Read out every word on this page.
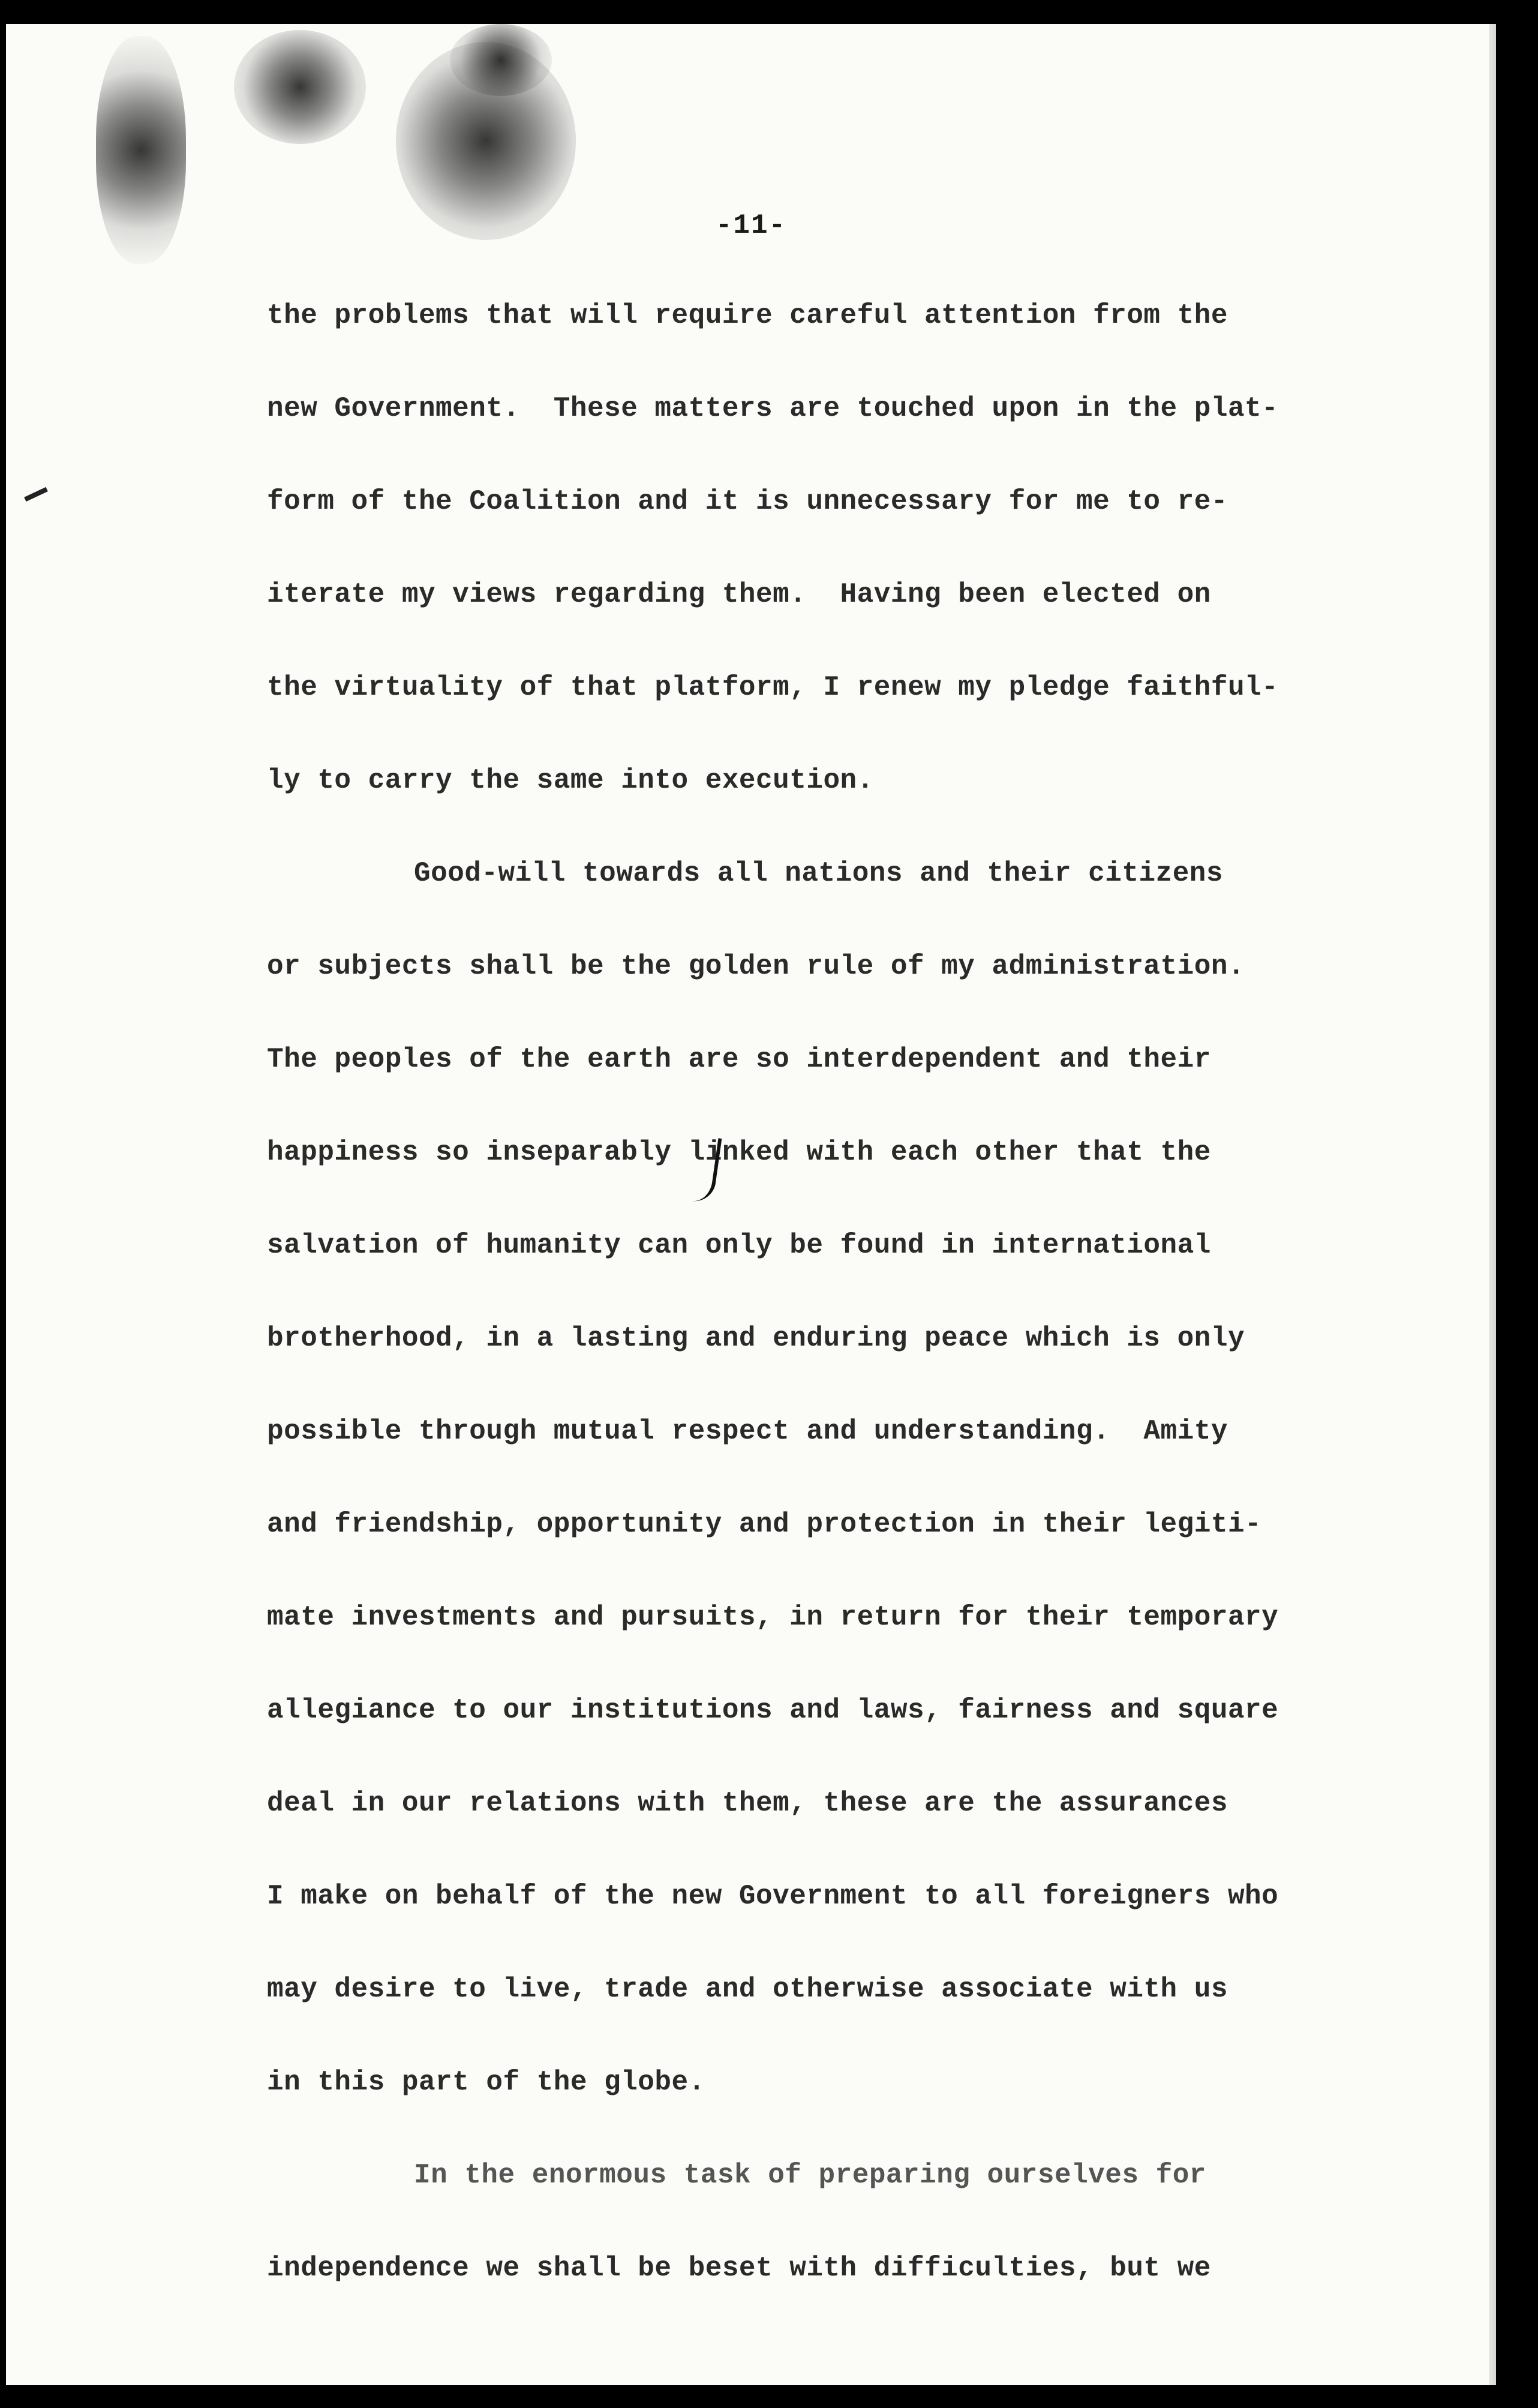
-11-

the problems that will require careful attention from the

new Government.  These matters are touched upon in the plat-

form of the Coalition and it is unnecessary for me to re-

iterate my views regarding them.  Having been elected on

the virtuality of that platform, I renew my pledge faithful-

ly to carry the same into execution.

Good-will towards all nations and their citizens

or subjects shall be the golden rule of my administration.

The peoples of the earth are so interdependent and their

happiness so inseparably linked with each other that the

salvation of humanity can only be found in international

brotherhood, in a lasting and enduring peace which is only

possible through mutual respect and understanding.  Amity

and friendship, opportunity and protection in their legiti-

mate investments and pursuits, in return for their temporary

allegiance to our institutions and laws, fairness and square

deal in our relations with them, these are the assurances

I make on behalf of the new Government to all foreigners who

may desire to live, trade and otherwise associate with us

in this part of the globe.

In the enormous task of preparing ourselves for

independence we shall be beset with difficulties, but we
